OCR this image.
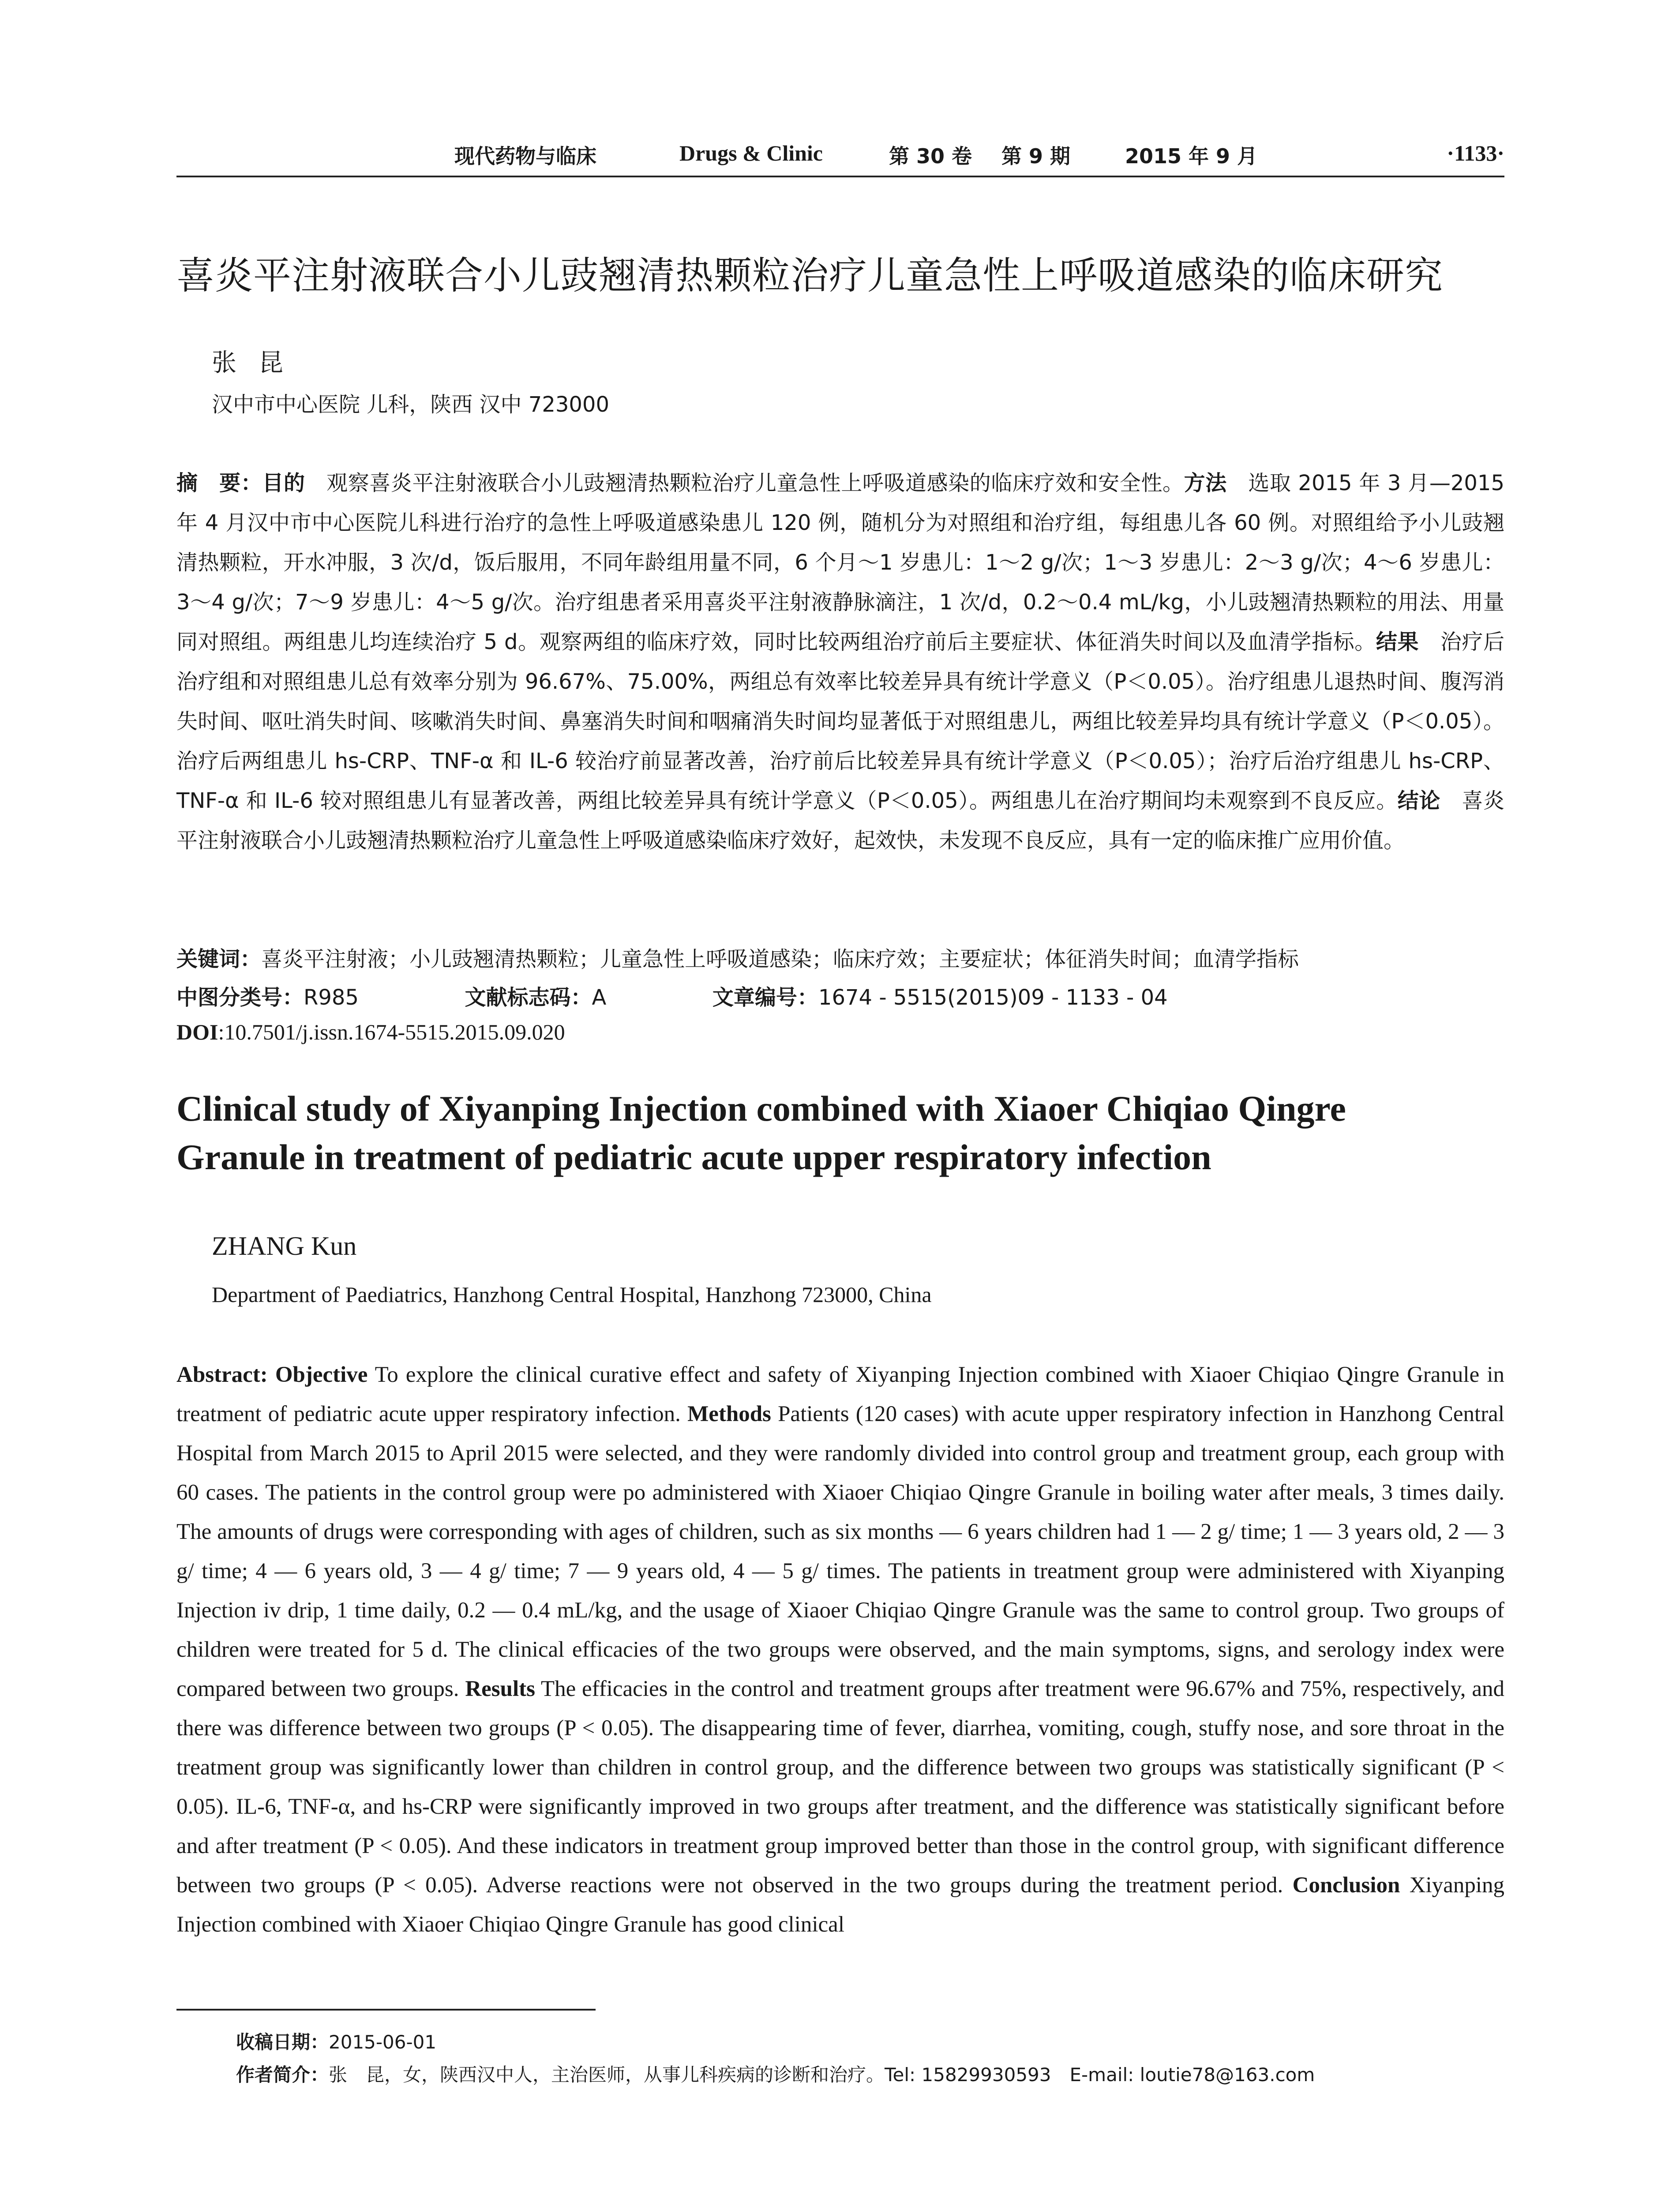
现代药物与临床	Drugs & Clinic	第 30 卷 第 9 期	2015 年 9 月	·1133·
喜炎平注射液联合小儿豉翘清热颗粒治疗儿童急性上呼吸道感染的临床研究
张昆
汉中市中心医院 儿科，陕西 汉中 723000
摘　要：目的　观察喜炎平注射液联合小儿豉翘清热颗粒治疗儿童急性上呼吸道感染的临床疗效和安全性。方法　选取 2015 年 3 月—2015 年 4 月汉中市中心医院儿科进行治疗的急性上呼吸道感染患儿 120 例，随机分为对照组和治疗组，每组患儿各 60 例。对照组给予小儿豉翘清热颗粒，开水冲服，3 次/d，饭后服用，不同年龄组用量不同，6 个月～1 岁患儿：1～2 g/次；1～3 岁患儿：2～3 g/次；4～6 岁患儿：3～4 g/次；7～9 岁患儿：4～5 g/次。治疗组患者采用喜炎平注射液静脉滴注，1 次/d，0.2～0.4 mL/kg，小儿豉翘清热颗粒的用法、用量同对照组。两组患儿均连续治疗 5 d。观察两组的临床疗效，同时比较两组治疗前后主要症状、体征消失时间以及血清学指标。结果　治疗后治疗组和对照组患儿总有效率分别为 96.67%、75.00%，两组总有效率比较差异具有统计学意义（P＜0.05）。治疗组患儿退热时间、腹泻消失时间、呕吐消失时间、咳嗽消失时间、鼻塞消失时间和咽痛消失时间均显著低于对照组患儿，两组比较差异均具有统计学意义（P＜0.05）。治疗后两组患儿 hs-CRP、TNF-α 和 IL-6 较治疗前显著改善，治疗前后比较差异具有统计学意义（P＜0.05）；治疗后治疗组患儿 hs-CRP、TNF-α 和 IL-6 较对照组患儿有显著改善，两组比较差异具有统计学意义（P＜0.05）。两组患儿在治疗期间均未观察到不良反应。结论　喜炎平注射液联合小儿豉翘清热颗粒治疗儿童急性上呼吸道感染临床疗效好，起效快，未发现不良反应，具有一定的临床推广应用价值。
关键词：喜炎平注射液；小儿豉翘清热颗粒；儿童急性上呼吸道感染；临床疗效；主要症状；体征消失时间；血清学指标
中图分类号：R985	文献标志码：A	文章编号：1674 - 5515(2015)09 - 1133 - 04
DOI:10.7501/j.issn.1674-5515.2015.09.020
Clinical study of Xiyanping Injection combined with Xiaoer Chiqiao Qingre
Granule in treatment of pediatric acute upper respiratory infection
ZHANG Kun
Department of Paediatrics, Hanzhong Central Hospital, Hanzhong 723000, China
Abstract: Objective To explore the clinical curative effect and safety of Xiyanping Injection combined with Xiaoer Chiqiao Qingre Granule in treatment of pediatric acute upper respiratory infection. Methods Patients (120 cases) with acute upper respiratory infection in Hanzhong Central Hospital from March 2015 to April 2015 were selected, and they were randomly divided into control group and treatment group, each group with 60 cases. The patients in the control group were po administered with Xiaoer Chiqiao Qingre Granule in boiling water after meals, 3 times daily. The amounts of drugs were corresponding with ages of children, such as six months — 6 years children had 1 — 2 g/ time; 1 — 3 years old, 2 — 3 g/ time; 4 — 6 years old, 3 — 4 g/ time; 7 — 9 years old, 4 — 5 g/ times. The patients in treatment group were administered with Xiyanping Injection iv drip, 1 time daily, 0.2 — 0.4 mL/kg, and the usage of Xiaoer Chiqiao Qingre Granule was the same to control group. Two groups of children were treated for 5 d. The clinical efficacies of the two groups were observed, and the main symptoms, signs, and serology index were compared between two groups. Results The efficacies in the control and treatment groups after treatment were 96.67% and 75%, respectively, and there was difference between two groups (P < 0.05). The disappearing time of fever, diarrhea, vomiting, cough, stuffy nose, and sore throat in the treatment group was significantly lower than children in control group, and the difference between two groups was statistically significant (P < 0.05). IL-6, TNF-α, and hs-CRP were significantly improved in two groups after treatment, and the difference was statistically significant before and after treatment (P < 0.05). And these indicators in treatment group improved better than those in the control group, with significant difference between two groups (P < 0.05). Adverse reactions were not observed in the two groups during the treatment period. Conclusion Xiyanping Injection combined with Xiaoer Chiqiao Qingre Granule has good clinical
收稿日期：2015-06-01
作者简介：张　昆，女，陕西汉中人，主治医师，从事儿科疾病的诊断和治疗。Tel: 15829930593　E-mail: loutie78@163.com
